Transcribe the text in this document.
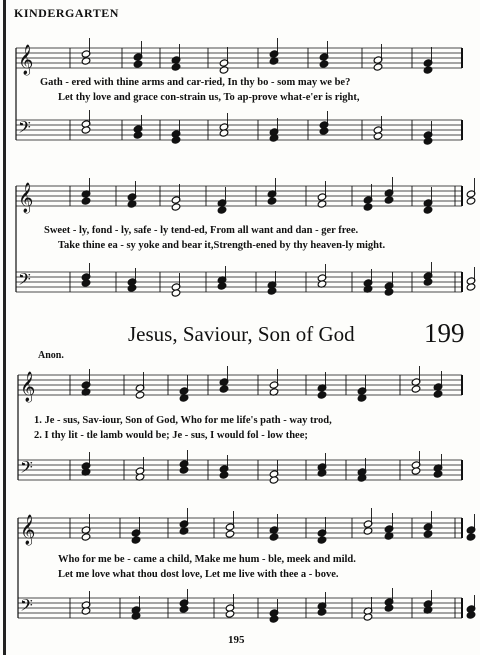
KINDERGARTEN
𝄞
𝄢
𝄞
𝄢
𝄞
𝄢
𝄞
𝄢
Gath - ered with thine arms and car-ried, In thy bo - som may we be?
Let thy love and grace con-strain us, To ap-prove what-e'er is right,
Sweet - ly, fond - ly, safe - ly tend-ed, From all want and dan - ger free.
Take thine ea - sy yoke and bear it,Strength-ened by thy heaven-ly might.
Jesus, Saviour, Son of God	199
Anon.
1. Je - sus, Sav-iour, Son of God, Who for me life's path - way trod,
2. I thy lit - tle lamb would be; Je - sus, I would fol - low thee;
Who for me be - came a child, Make me hum - ble, meek and mild.
Let me love what thou dost love, Let me live with thee a - bove.
195
